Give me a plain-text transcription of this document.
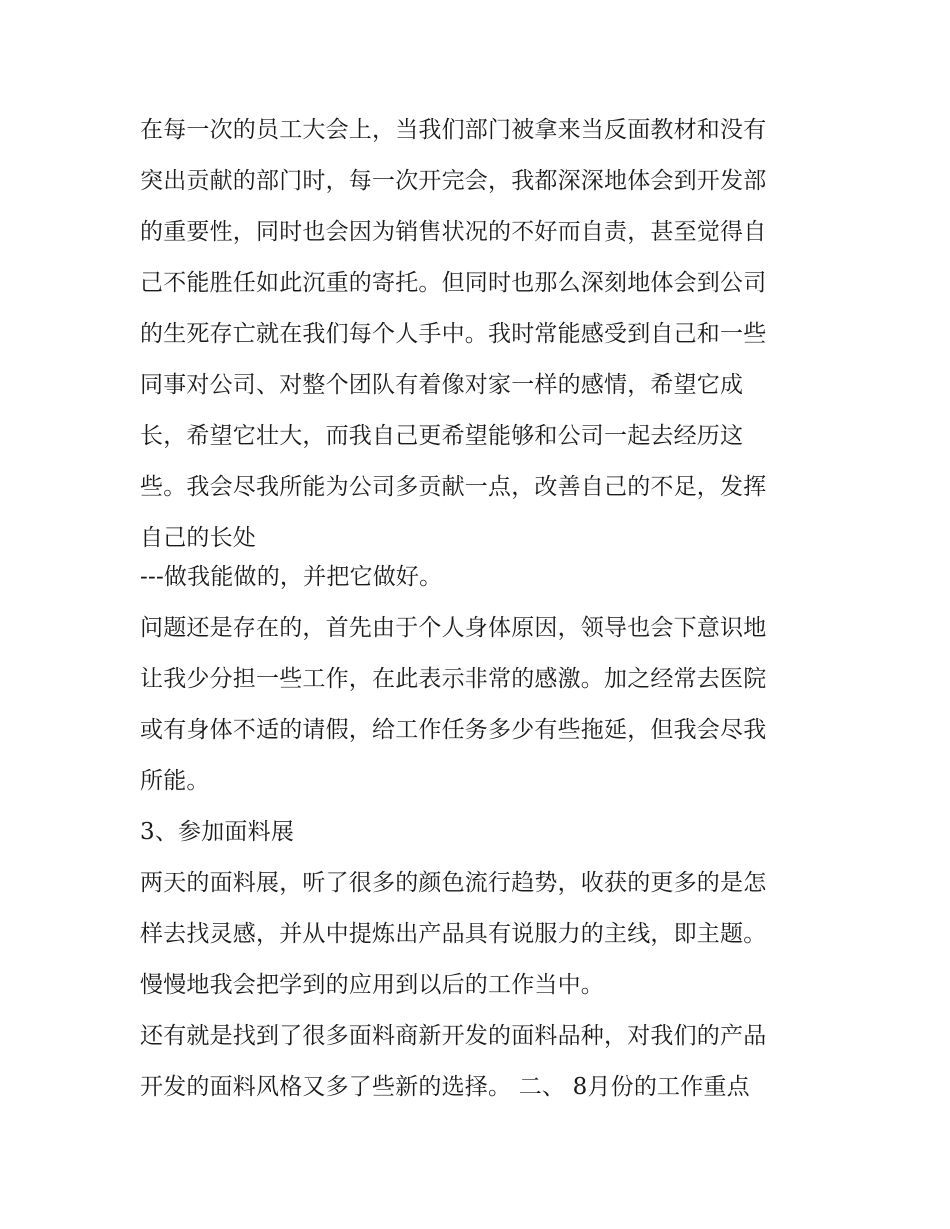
在每一次的员工大会上，当我们部门被拿来当反面教材和没有
突出贡献的部门时，每一次开完会，我都深深地体会到开发部
的重要性，同时也会因为销售状况的不好而自责，甚至觉得自
己不能胜任如此沉重的寄托。但同时也那么深刻地体会到公司
的生死存亡就在我们每个人手中。我时常能感受到自己和一些
同事对公司、对整个团队有着像对家一样的感情，希望它成
长，希望它壮大，而我自己更希望能够和公司一起去经历这
些。我会尽我所能为公司多贡献一点，改善自己的不足，发挥
自己的长处
---做我能做的，并把它做好。
问题还是存在的，首先由于个人身体原因，领导也会下意识地
让我少分担一些工作，在此表示非常的感激。加之经常去医院
或有身体不适的请假，给工作任务多少有些拖延，但我会尽我
所能。
3、参加面料展
两天的面料展，听了很多的颜色流行趋势，收获的更多的是怎
样去找灵感，并从中提炼出产品具有说服力的主线，即主题。
慢慢地我会把学到的应用到以后的工作当中。
还有就是找到了很多面料商新开发的面料品种，对我们的产品
开发的面料风格又多了些新的选择。 二、 8月份的工作重点
